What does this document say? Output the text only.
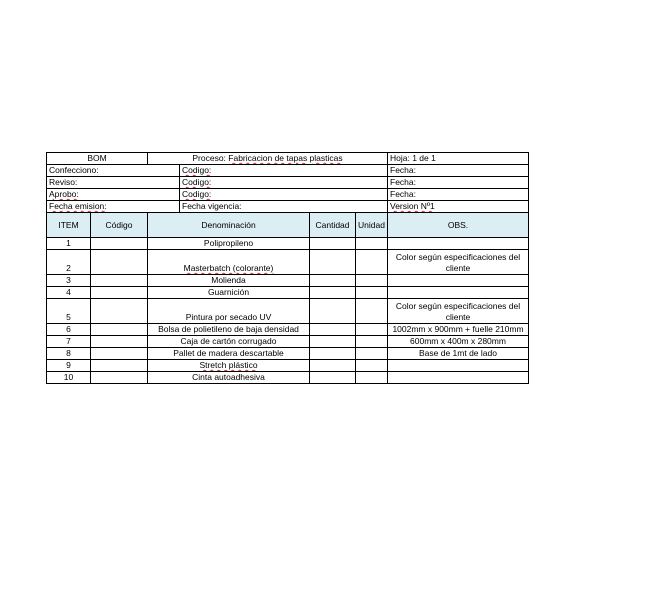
BOM		Proceso: Fabricacion de tapas plasticas				Hoja: 1 de 1
Confecciono:			Codigo:			Fecha:
Reviso:			Codigo:			Fecha:
Aprobo:			Codigo:			Fecha:
Fecha emision:			Fecha vigencia:			Version Nº1
ITEM	Código	Denominación		Cantidad	Unidad	OBS.
1		Polipropileno				
2		Masterbatch (colorante)				Color según especificaciones del cliente
3		Molienda				
4		Guarnición				
5		Pintura por secado UV				Color según especificaciones del cliente
6		Bolsa de polietileno de baja densidad				1002mm x 900mm + fuelle 210mm
7		Caja de cartón corrugado				600mm x 400m x 280mm
8		Pallet de madera descartable				Base de 1mt de lado
9		Stretch plástico				
10		Cinta autoadhesiva				
